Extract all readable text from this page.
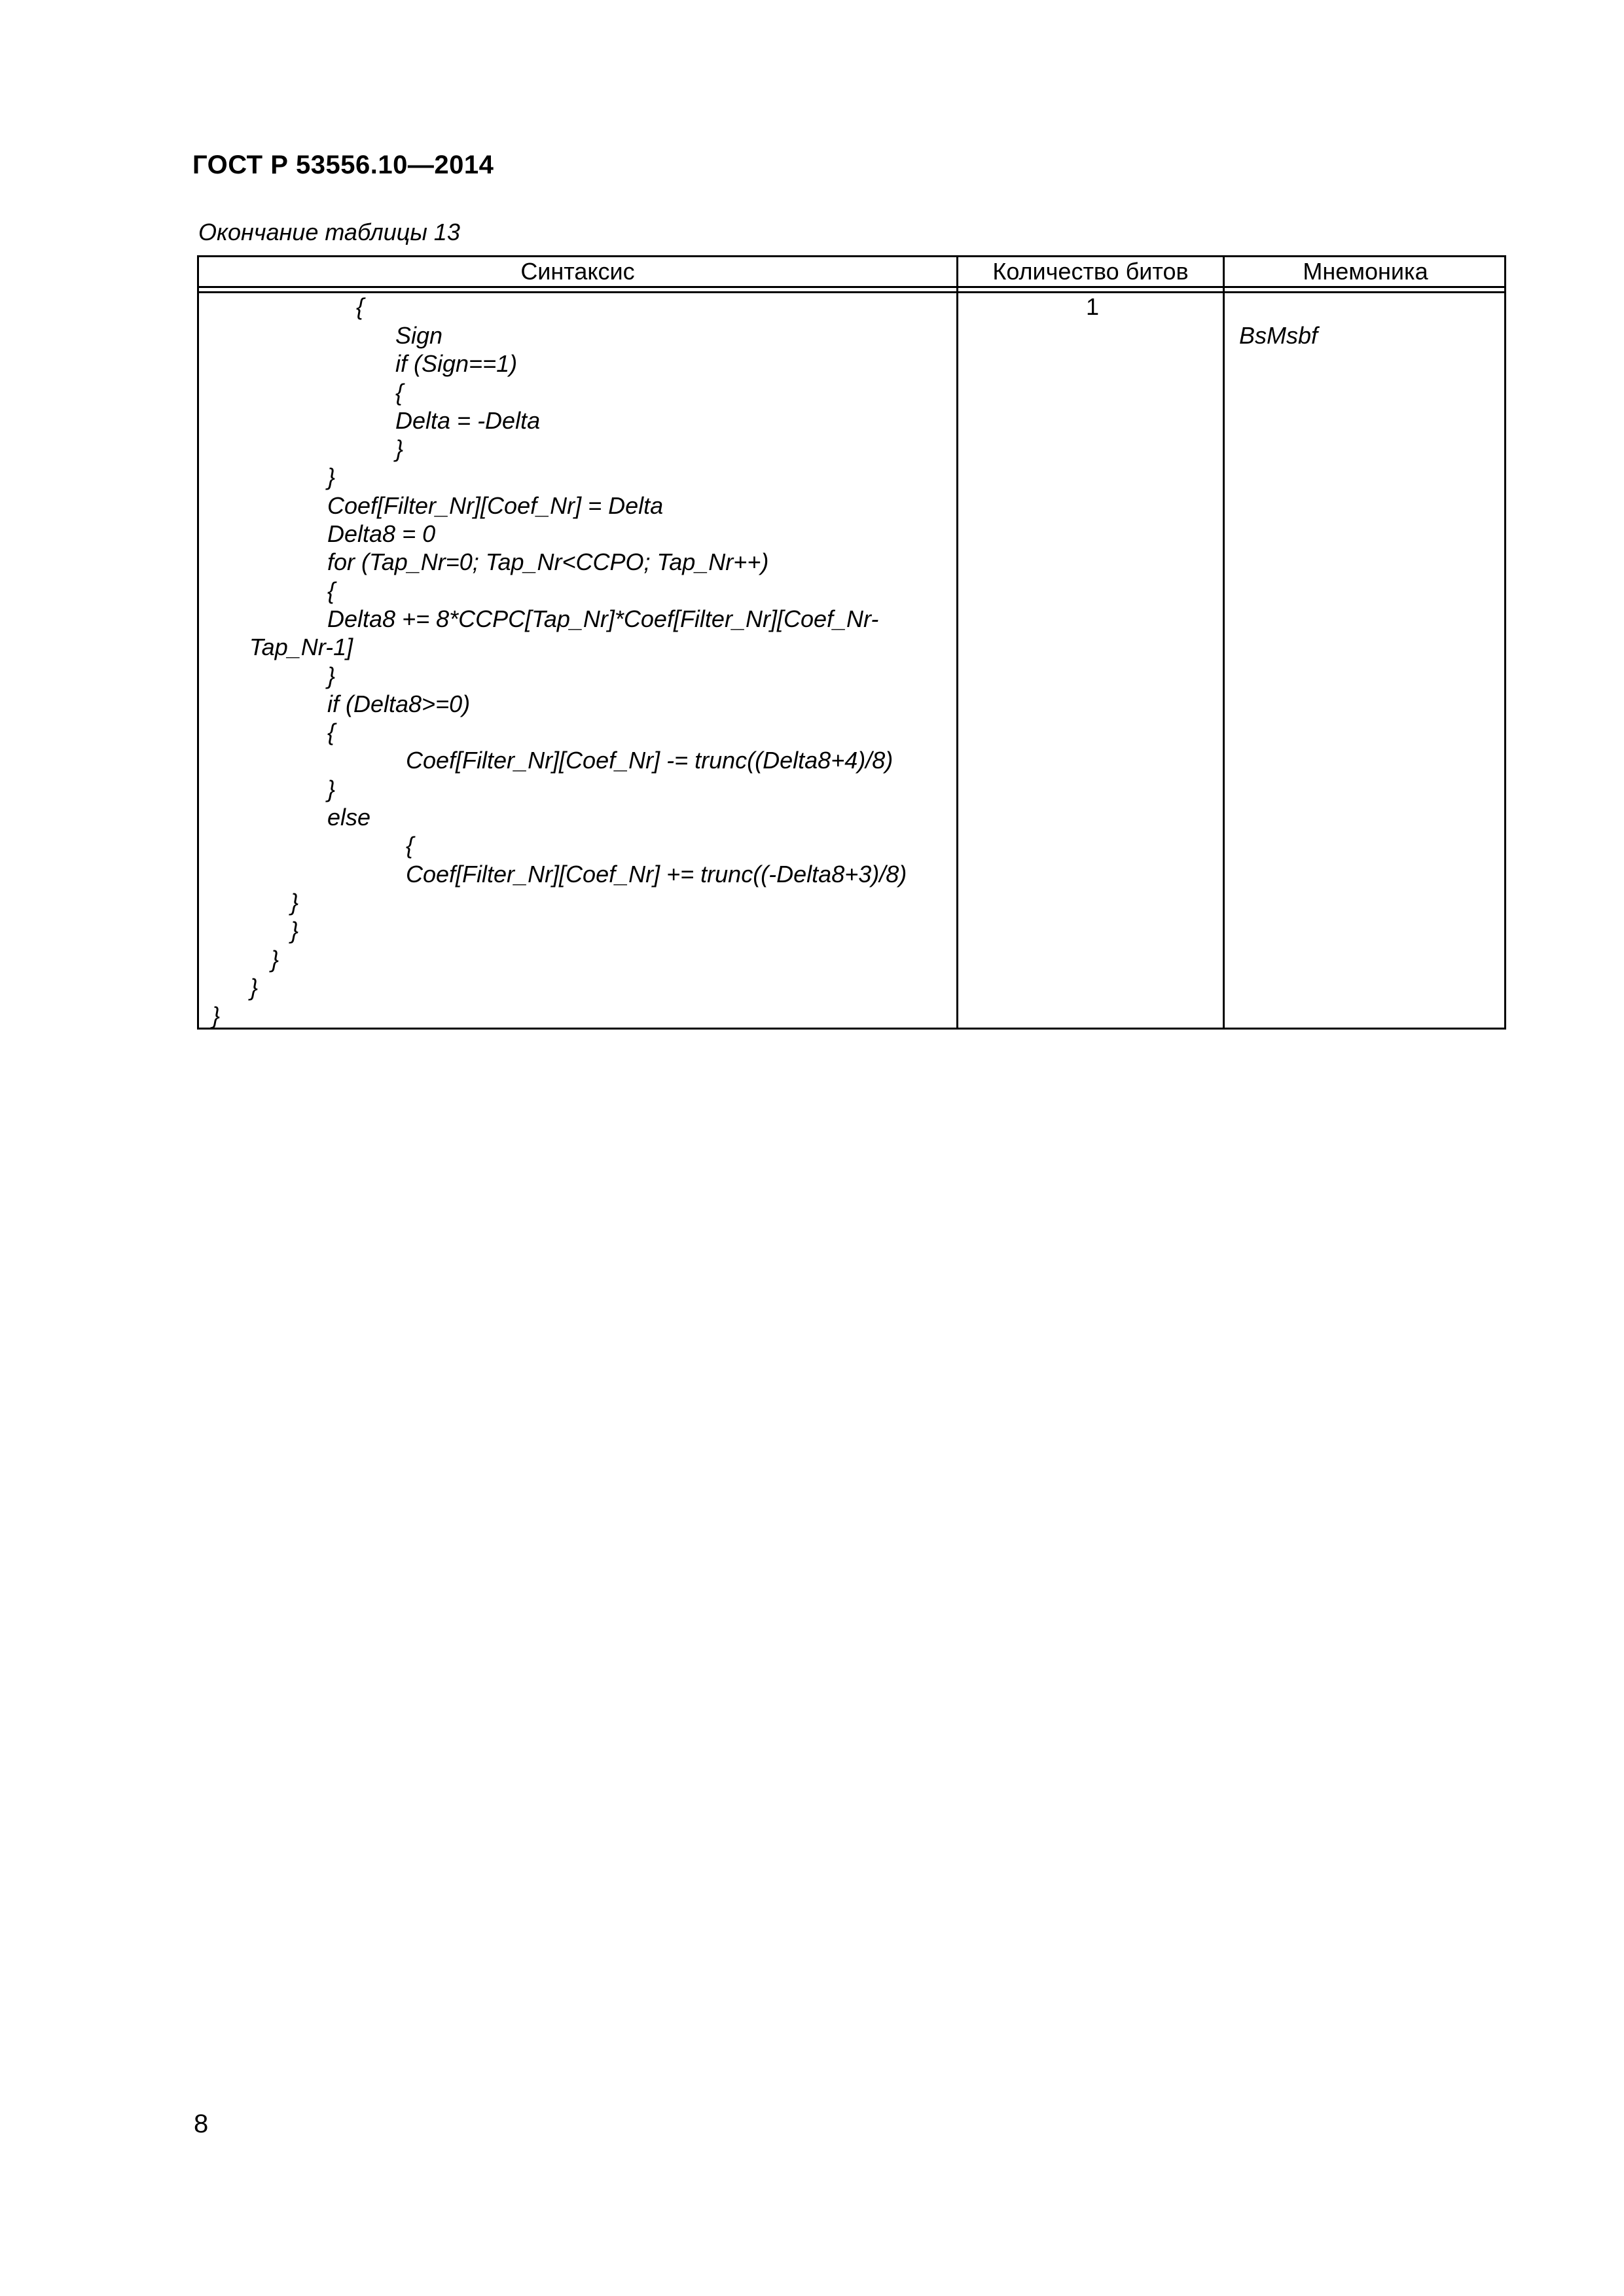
ГОСТ Р 53556.10—2014
Окончание таблицы 13
Синтаксис	Количество битов	Мнемоника
{
Sign
if (Sign==1)
{
Delta = -Delta
}
}
Coef[Filter_Nr][Coef_Nr] = Delta
Delta8 = 0
for (Tap_Nr=0; Tap_Nr<CCPO; Tap_Nr++)
{
Delta8 += 8*CCPC[Tap_Nr]*Coef[Filter_Nr][Coef_Nr-
Tap_Nr-1]
}
if (Delta8>=0)
{
Coef[Filter_Nr][Coef_Nr] -= trunc((Delta8+4)/8)
}
else
{
Coef[Filter_Nr][Coef_Nr] += trunc((-Delta8+3)/8)
}
}
}
}
}
1
BsMsbf
8
